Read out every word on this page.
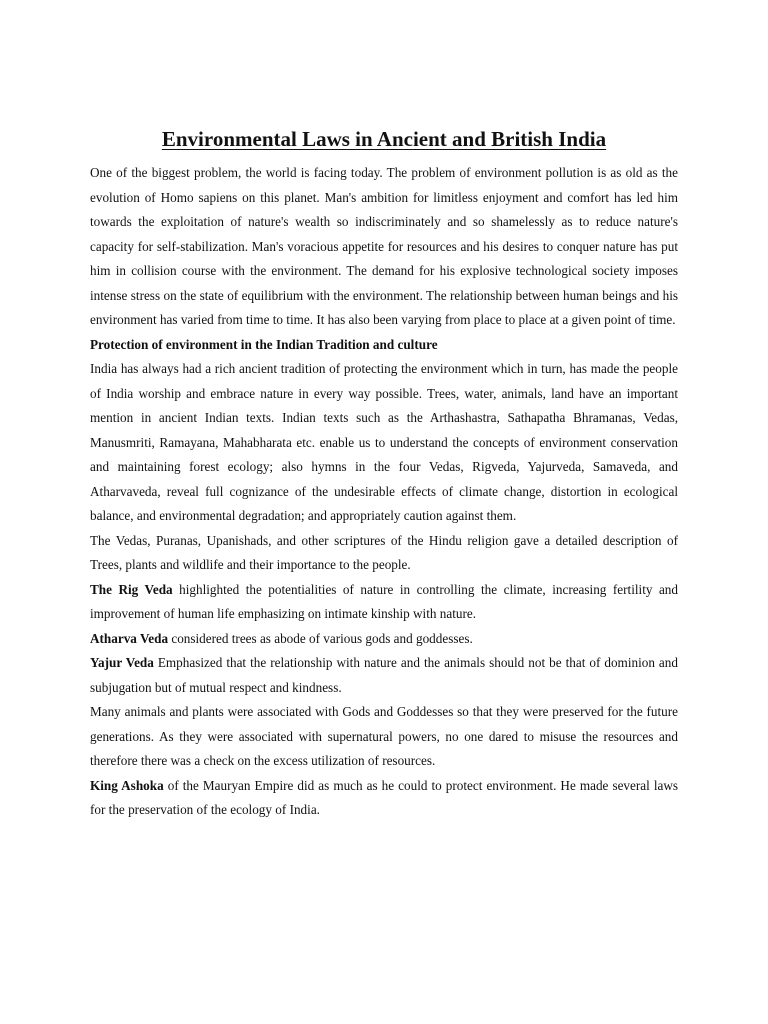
Environmental Laws in Ancient and British India

One of the biggest problem, the world is facing today. The problem of environment pollution is as old as the evolution of Homo sapiens on this planet. Man's ambition for limitless enjoyment and comfort has led him towards the exploitation of nature's wealth so indiscriminately and so shamelessly as to reduce nature's capacity for self-stabilization. Man's voracious appetite for resources and his desires to conquer nature has put him in collision course with the environment. The demand for his explosive technological society imposes intense stress on the state of equilibrium with the environment. The relationship between human beings and his environment has varied from time to time. It has also been varying from place to place at a given point of time.

Protection of environment in the Indian Tradition and culture

India has always had a rich ancient tradition of protecting the environment which in turn, has made the people of India worship and embrace nature in every way possible. Trees, water, animals, land have an important mention in ancient Indian texts. Indian texts such as the Arthashastra, Sathapatha Bhramanas, Vedas, Manusmriti, Ramayana, Mahabharata etc. enable us to understand the concepts of environment conservation and maintaining forest ecology; also hymns in the four Vedas, Rigveda, Yajurveda, Samaveda, and Atharvaveda, reveal full cognizance of the undesirable effects of climate change, distortion in ecological balance, and environmental degradation; and appropriately caution against them.

The Vedas, Puranas, Upanishads, and other scriptures of the Hindu religion gave a detailed description of Trees, plants and wildlife and their importance to the people.

The Rig Veda highlighted the potentialities of nature in controlling the climate, increasing fertility and improvement of human life emphasizing on intimate kinship with nature.

Atharva Veda considered trees as abode of various gods and goddesses.

Yajur Veda Emphasized that the relationship with nature and the animals should not be that of dominion and subjugation but of mutual respect and kindness.

Many animals and plants were associated with Gods and Goddesses so that they were preserved for the future generations. As they were associated with supernatural powers, no one dared to misuse the resources and therefore there was a check on the excess utilization of resources.

King Ashoka of the Mauryan Empire did as much as he could to protect environment. He made several laws for the preservation of the ecology of India.
